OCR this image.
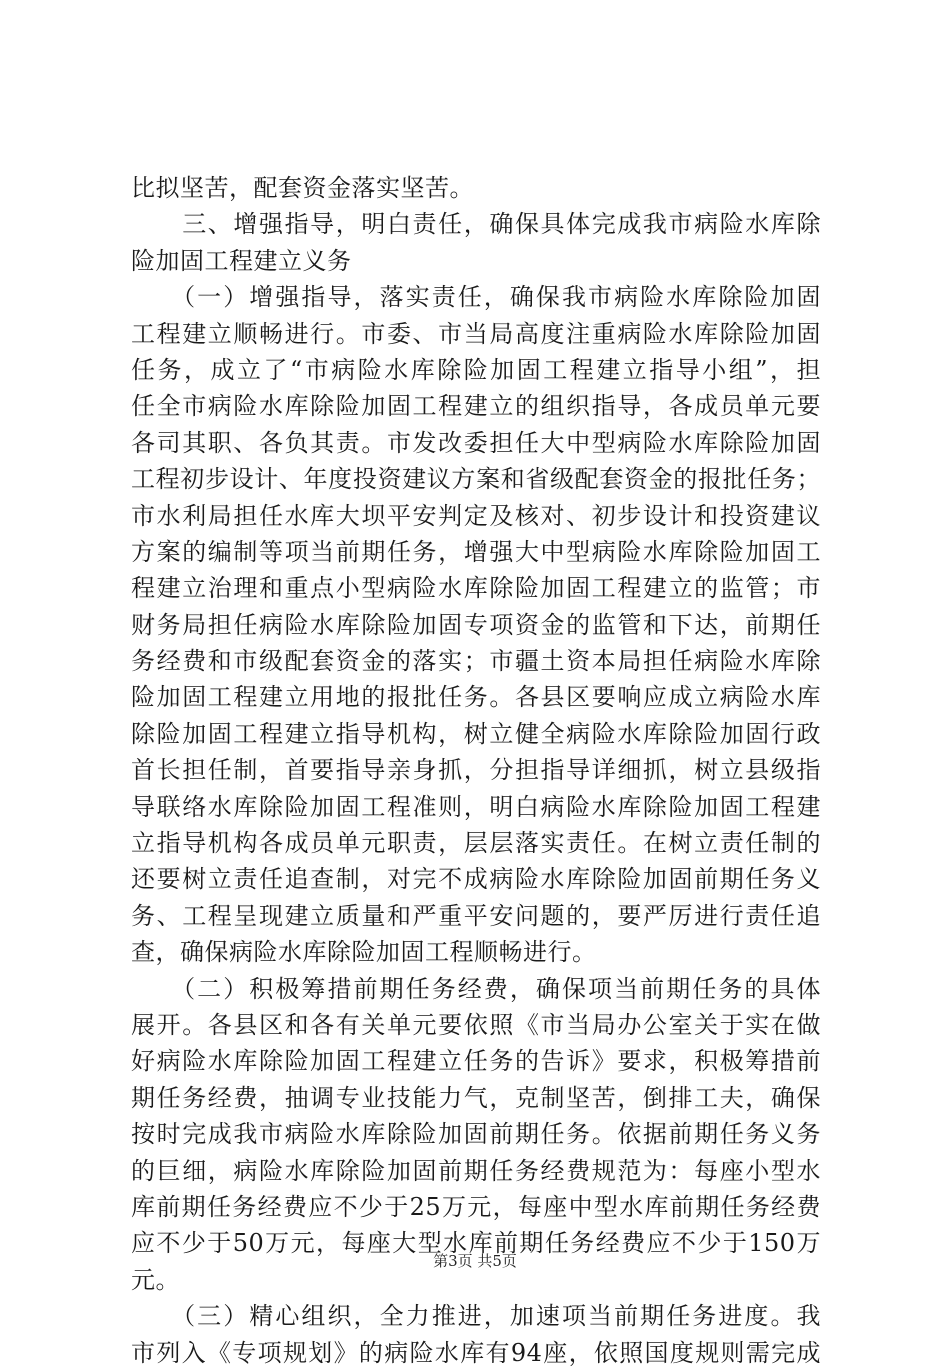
比拟坚苦，配套资金落实坚苦。
　　三、增强指导，明白责任，确保具体完成我市病险水库除
险加固工程建立义务
　　（一）增强指导，落实责任，确保我市病险水库除险加固
工程建立顺畅进行。市委、市当局高度注重病险水库除险加固
任务，成立了“市病险水库除险加固工程建立指导小组”，担
任全市病险水库除险加固工程建立的组织指导，各成员单元要
各司其职、各负其责。市发改委担任大中型病险水库除险加固
工程初步设计、年度投资建议方案和省级配套资金的报批任务；
市水利局担任水库大坝平安判定及核对、初步设计和投资建议
方案的编制等项当前期任务，增强大中型病险水库除险加固工
程建立治理和重点小型病险水库除险加固工程建立的监管；市
财务局担任病险水库除险加固专项资金的监管和下达，前期任
务经费和市级配套资金的落实；市疆土资本局担任病险水库除
险加固工程建立用地的报批任务。各县区要响应成立病险水库
除险加固工程建立指导机构，树立健全病险水库除险加固行政
首长担任制，首要指导亲身抓，分担指导详细抓，树立县级指
导联络水库除险加固工程准则，明白病险水库除险加固工程建
立指导机构各成员单元职责，层层落实责任。在树立责任制的
还要树立责任追查制，对完不成病险水库除险加固前期任务义
务、工程呈现建立质量和严重平安问题的，要严厉进行责任追
查，确保病险水库除险加固工程顺畅进行。
　　（二）积极筹措前期任务经费，确保项当前期任务的具体
展开。各县区和各有关单元要依照《市当局办公室关于实在做
好病险水库除险加固工程建立任务的告诉》要求，积极筹措前
期任务经费，抽调专业技能力气，克制坚苦，倒排工夫，确保
按时完成我市病险水库除险加固前期任务。依据前期任务义务
的巨细，病险水库除险加固前期任务经费规范为：每座小型水
库前期任务经费应不少于25万元，每座中型水库前期任务经费
应不少于50万元，每座大型水库前期任务经费应不少于150万
元。
　　（三）精心组织，全力推进，加速项当前期任务进度。我
市列入《专项规划》的病险水库有94座，依照国度规则需完成
第3页 共5页
